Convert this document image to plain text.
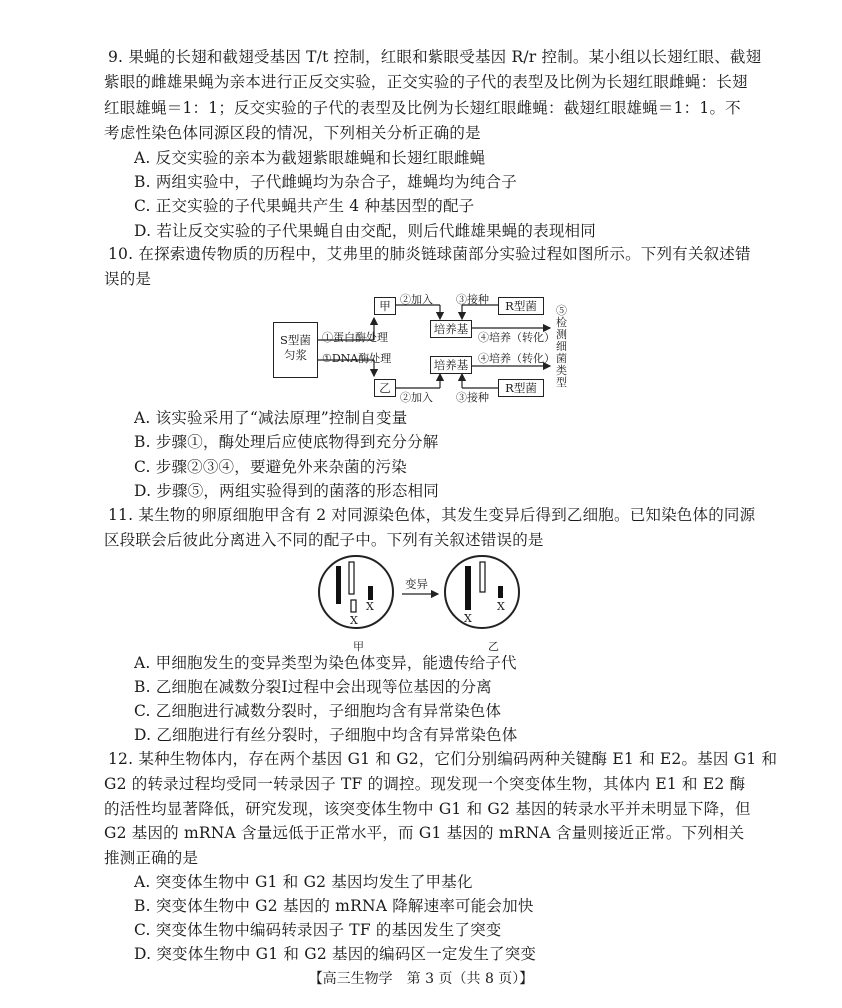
9. 果蝇的长翅和截翅受基因 T/t 控制，红眼和紫眼受基因 R/r 控制。某小组以长翅红眼、截翅
紫眼的雌雄果蝇为亲本进行正反交实验，正交实验的子代的表型及比例为长翅红眼雌蝇：长翅
红眼雄蝇＝1：1；反交实验的子代的表型及比例为长翅红眼雌蝇：截翅红眼雄蝇＝1：1。不
考虑性染色体同源区段的情况，下列相关分析正确的是
A. 反交实验的亲本为截翅紫眼雄蝇和长翅红眼雌蝇
B. 两组实验中，子代雌蝇均为杂合子，雄蝇均为纯合子
C. 正交实验的子代果蝇共产生 4 种基因型的配子
D. 若让反交实验的子代果蝇自由交配，则后代雌雄果蝇的表现相同
10. 在探索遗传物质的历程中，艾弗里的肺炎链球菌部分实验过程如图所示。下列有关叙述错
误的是
S型菌
匀浆
①蛋白酶处理
①DNA酶处理
甲
乙
②加入
②加入
培养基
培养基
③接种
③接种
R型菌
R型菌
④培养（转化）
④培养（转化）
⑤检测细菌类型
A. 该实验采用了“减法原理”控制自变量
B. 步骤①，酶处理后应使底物得到充分分解
C. 步骤②③④，要避免外来杂菌的污染
D. 步骤⑤，两组实验得到的菌落的形态相同
11. 某生物的卵原细胞甲含有 2 对同源染色体，其发生变异后得到乙细胞。已知染色体的同源
区段联会后彼此分离进入不同的配子中。下列有关叙述错误的是
变异
X
X
X
X
甲	乙
A. 甲细胞发生的变异类型为染色体变异，能遗传给子代
B. 乙细胞在减数分裂Ⅰ过程中会出现等位基因的分离
C. 乙细胞进行减数分裂时，子细胞均含有异常染色体
D. 乙细胞进行有丝分裂时，子细胞中均含有异常染色体
12. 某种生物体内，存在两个基因 G1 和 G2，它们分别编码两种关键酶 E1 和 E2。基因 G1 和
G2 的转录过程均受同一转录因子 TF 的调控。现发现一个突变体生物，其体内 E1 和 E2 酶
的活性均显著降低，研究发现，该突变体生物中 G1 和 G2 基因的转录水平并未明显下降，但
G2 基因的 mRNA 含量远低于正常水平，而 G1 基因的 mRNA 含量则接近正常。下列相关
推测正确的是
A. 突变体生物中 G1 和 G2 基因均发生了甲基化
B. 突变体生物中 G2 基因的 mRNA 降解速率可能会加快
C. 突变体生物中编码转录因子 TF 的基因发生了突变
D. 突变体生物中 G1 和 G2 基因的编码区一定发生了突变
【高三生物学　第 3 页（共 8 页）】
